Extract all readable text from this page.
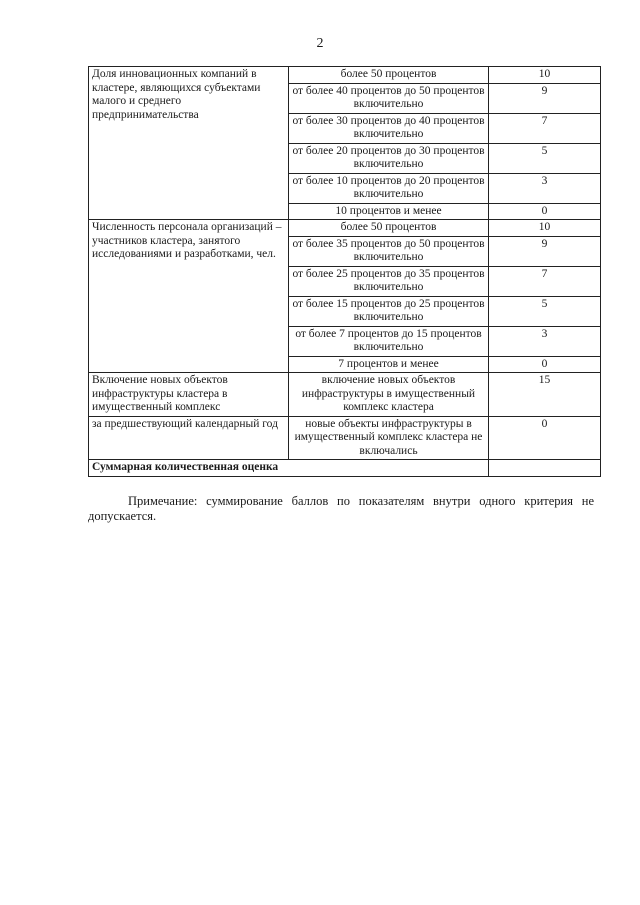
2
Доля инновационных компаний в кластере, являющихся субъектами малого и среднего предпринимательства	более 50 процентов	10
	от более 40 процентов до 50 процентов включительно	9
	от более 30 процентов до 40 процентов включительно	7
	от более 20 процентов до 30 процентов включительно	5
	от более 10 процентов до 20 процентов включительно	3
	10 процентов и менее	0
Численность персонала организаций – участников кластера, занятого исследованиями и разработками, чел.	более 50 процентов	10
	от более 35 процентов до 50 процентов включительно	9
	от более 25 процентов до 35 процентов включительно	7
	от более 15 процентов до 25 процентов включительно	5
	от более 7 процентов до 15 процентов включительно	3
	7 процентов и менее	0
Включение новых объектов инфраструктуры кластера в имущественный комплекс	включение новых объектов инфраструктуры в имущественный комплекс кластера	15
за предшествующий календарный год	новые объекты инфраструктуры в имущественный комплекс кластера не включались	0
Суммарная количественная оценка		
Примечание: суммирование баллов по показателям внутри одного критерия не допускается.
